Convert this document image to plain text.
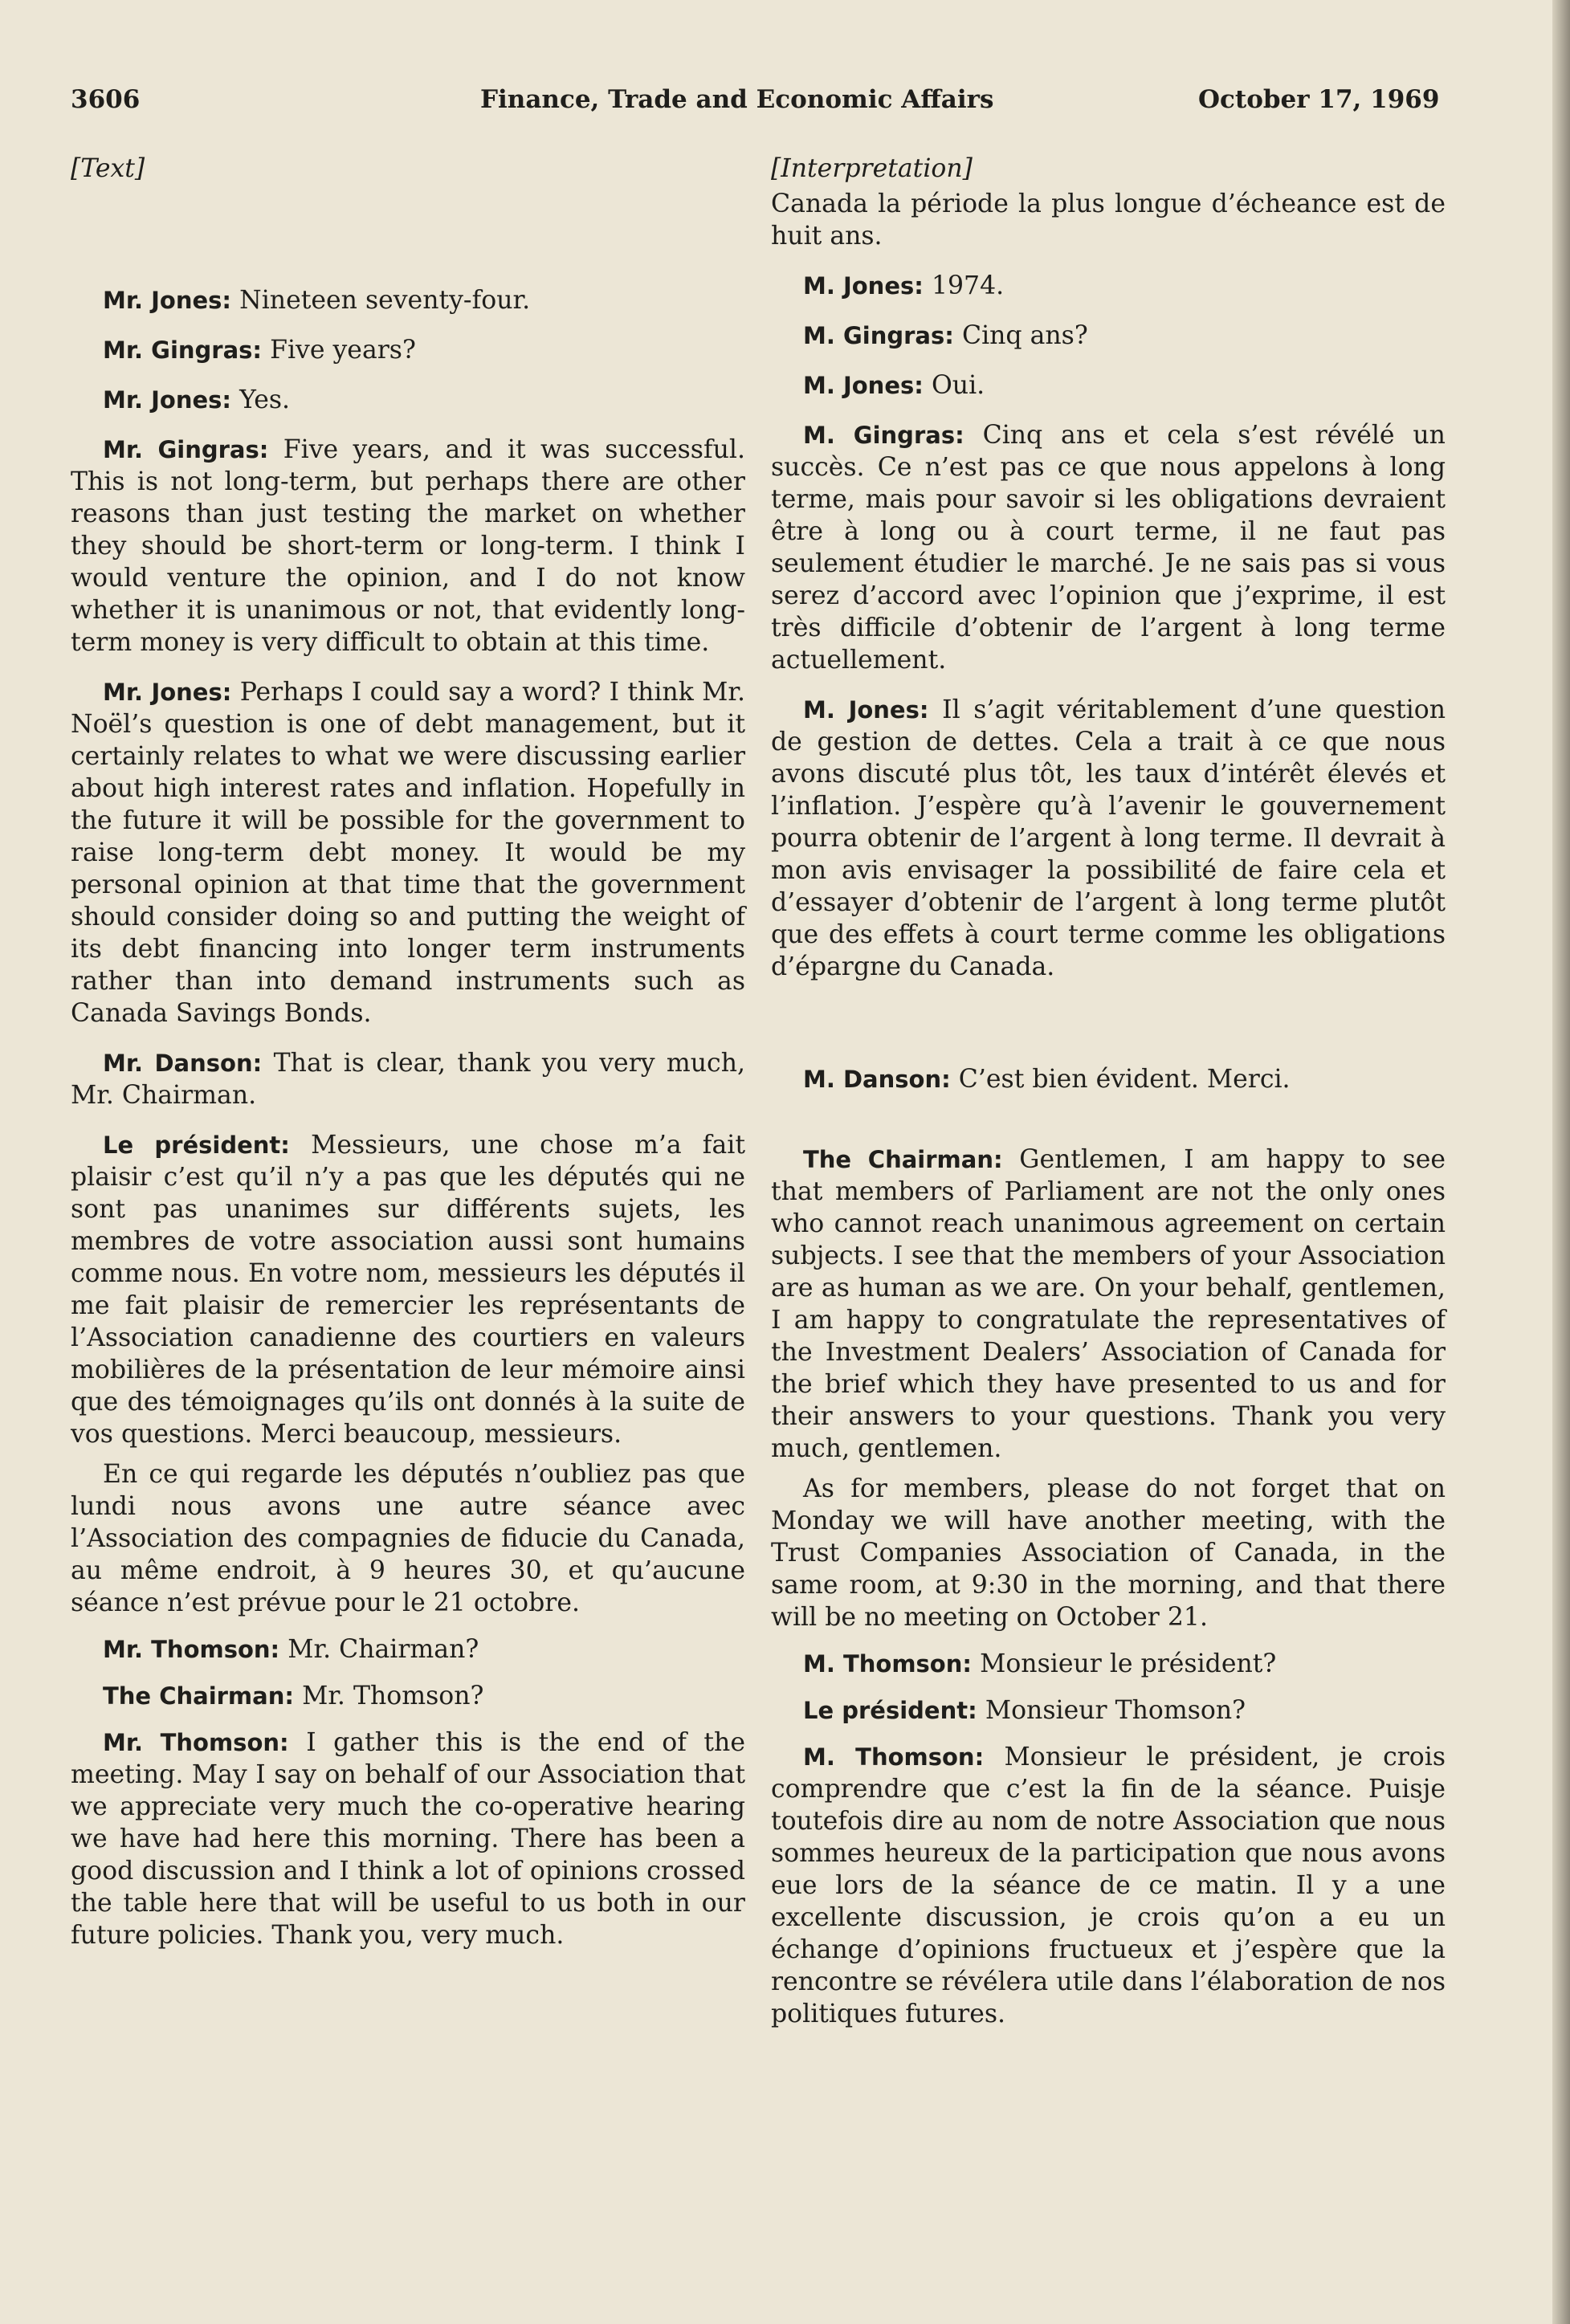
3606	Finance, Trade and Economic Affairs	October 17, 1969

[Text]

Mr. Jones: Nineteen seventy-four.

Mr. Gingras: Five years?

Mr. Jones: Yes.

Mr. Gingras: Five years, and it was successful. This is not long-term, but perhaps there are other reasons than just testing the market on whether they should be short-term or long-term. I think I would venture the opinion, and I do not know whether it is unanimous or not, that evidently long-term money is very difficult to obtain at this time.

Mr. Jones: Perhaps I could say a word? I think Mr. Noël’s question is one of debt management, but it certainly relates to what we were discussing earlier about high interest rates and inflation. Hopefully in the future it will be possible for the government to raise long-term debt money. It would be my personal opinion at that time that the government should consider doing so and putting the weight of its debt financing into longer term instruments rather than into demand instruments such as Canada Savings Bonds.

Mr. Danson: That is clear, thank you very much, Mr. Chairman.

Le président: Messieurs, une chose m’a fait plaisir c’est qu’il n’y a pas que les députés qui ne sont pas unanimes sur différents sujets, les membres de votre association aussi sont humains comme nous. En votre nom, messieurs les députés il me fait plaisir de remercier les représentants de l’Association canadienne des courtiers en valeurs mobilières de la présentation de leur mémoire ainsi que des témoignages qu’ils ont donnés à la suite de vos questions. Merci beaucoup, messieurs.

En ce qui regarde les députés n’oubliez pas que lundi nous avons une autre séance avec l’Association des compagnies de fiducie du Canada, au même endroit, à 9 heures 30, et qu’aucune séance n’est prévue pour le 21 octobre.

Mr. Thomson: Mr. Chairman?

The Chairman: Mr. Thomson?

Mr. Thomson: I gather this is the end of the meeting. May I say on behalf of our Association that we appreciate very much the co-operative hearing we have had here this morning. There has been a good discussion and I think a lot of opinions crossed the table here that will be useful to us both in our future policies. Thank you, very much.

[Interpretation]

Canada la période la plus longue d’écheance est de huit ans.

M. Jones: 1974.

M. Gingras: Cinq ans?

M. Jones: Oui.

M. Gingras: Cinq ans et cela s’est révélé un succès. Ce n’est pas ce que nous appelons à long terme, mais pour savoir si les obligations devraient être à long ou à court terme, il ne faut pas seulement étudier le marché. Je ne sais pas si vous serez d’accord avec l’opinion que j’exprime, il est très difficile d’obtenir de l’argent à long terme actuellement.

M. Jones: Il s’agit véritablement d’une question de gestion de dettes. Cela a trait à ce que nous avons discuté plus tôt, les taux d’intérêt élevés et l’inflation. J’espère qu’à l’avenir le gouvernement pourra obtenir de l’argent à long terme. Il devrait à mon avis envisager la possibilité de faire cela et d’essayer d’obtenir de l’argent à long terme plutôt que des effets à court terme comme les obligations d’épargne du Canada.

M. Danson: C’est bien évident. Merci.

The Chairman: Gentlemen, I am happy to see that members of Parliament are not the only ones who cannot reach unanimous agreement on certain subjects. I see that the members of your Association are as human as we are. On your behalf, gentlemen, I am happy to congratulate the representatives of the Investment Dealers’ Association of Canada for the brief which they have presented to us and for their answers to your questions. Thank you very much, gentlemen.

As for members, please do not forget that on Monday we will have another meeting, with the Trust Companies Association of Canada, in the same room, at 9:30 in the morning, and that there will be no meeting on October 21.

M. Thomson: Monsieur le président?

Le président: Monsieur Thomson?

M. Thomson: Monsieur le président, je crois comprendre que c’est la fin de la séance. Puisje toutefois dire au nom de notre Association que nous sommes heureux de la participation que nous avons eue lors de la séance de ce matin. Il y a une excellente discussion, je crois qu’on a eu un échange d’opinions fructueux et j’espère que la rencontre se révélera utile dans l’élaboration de nos politiques futures.
